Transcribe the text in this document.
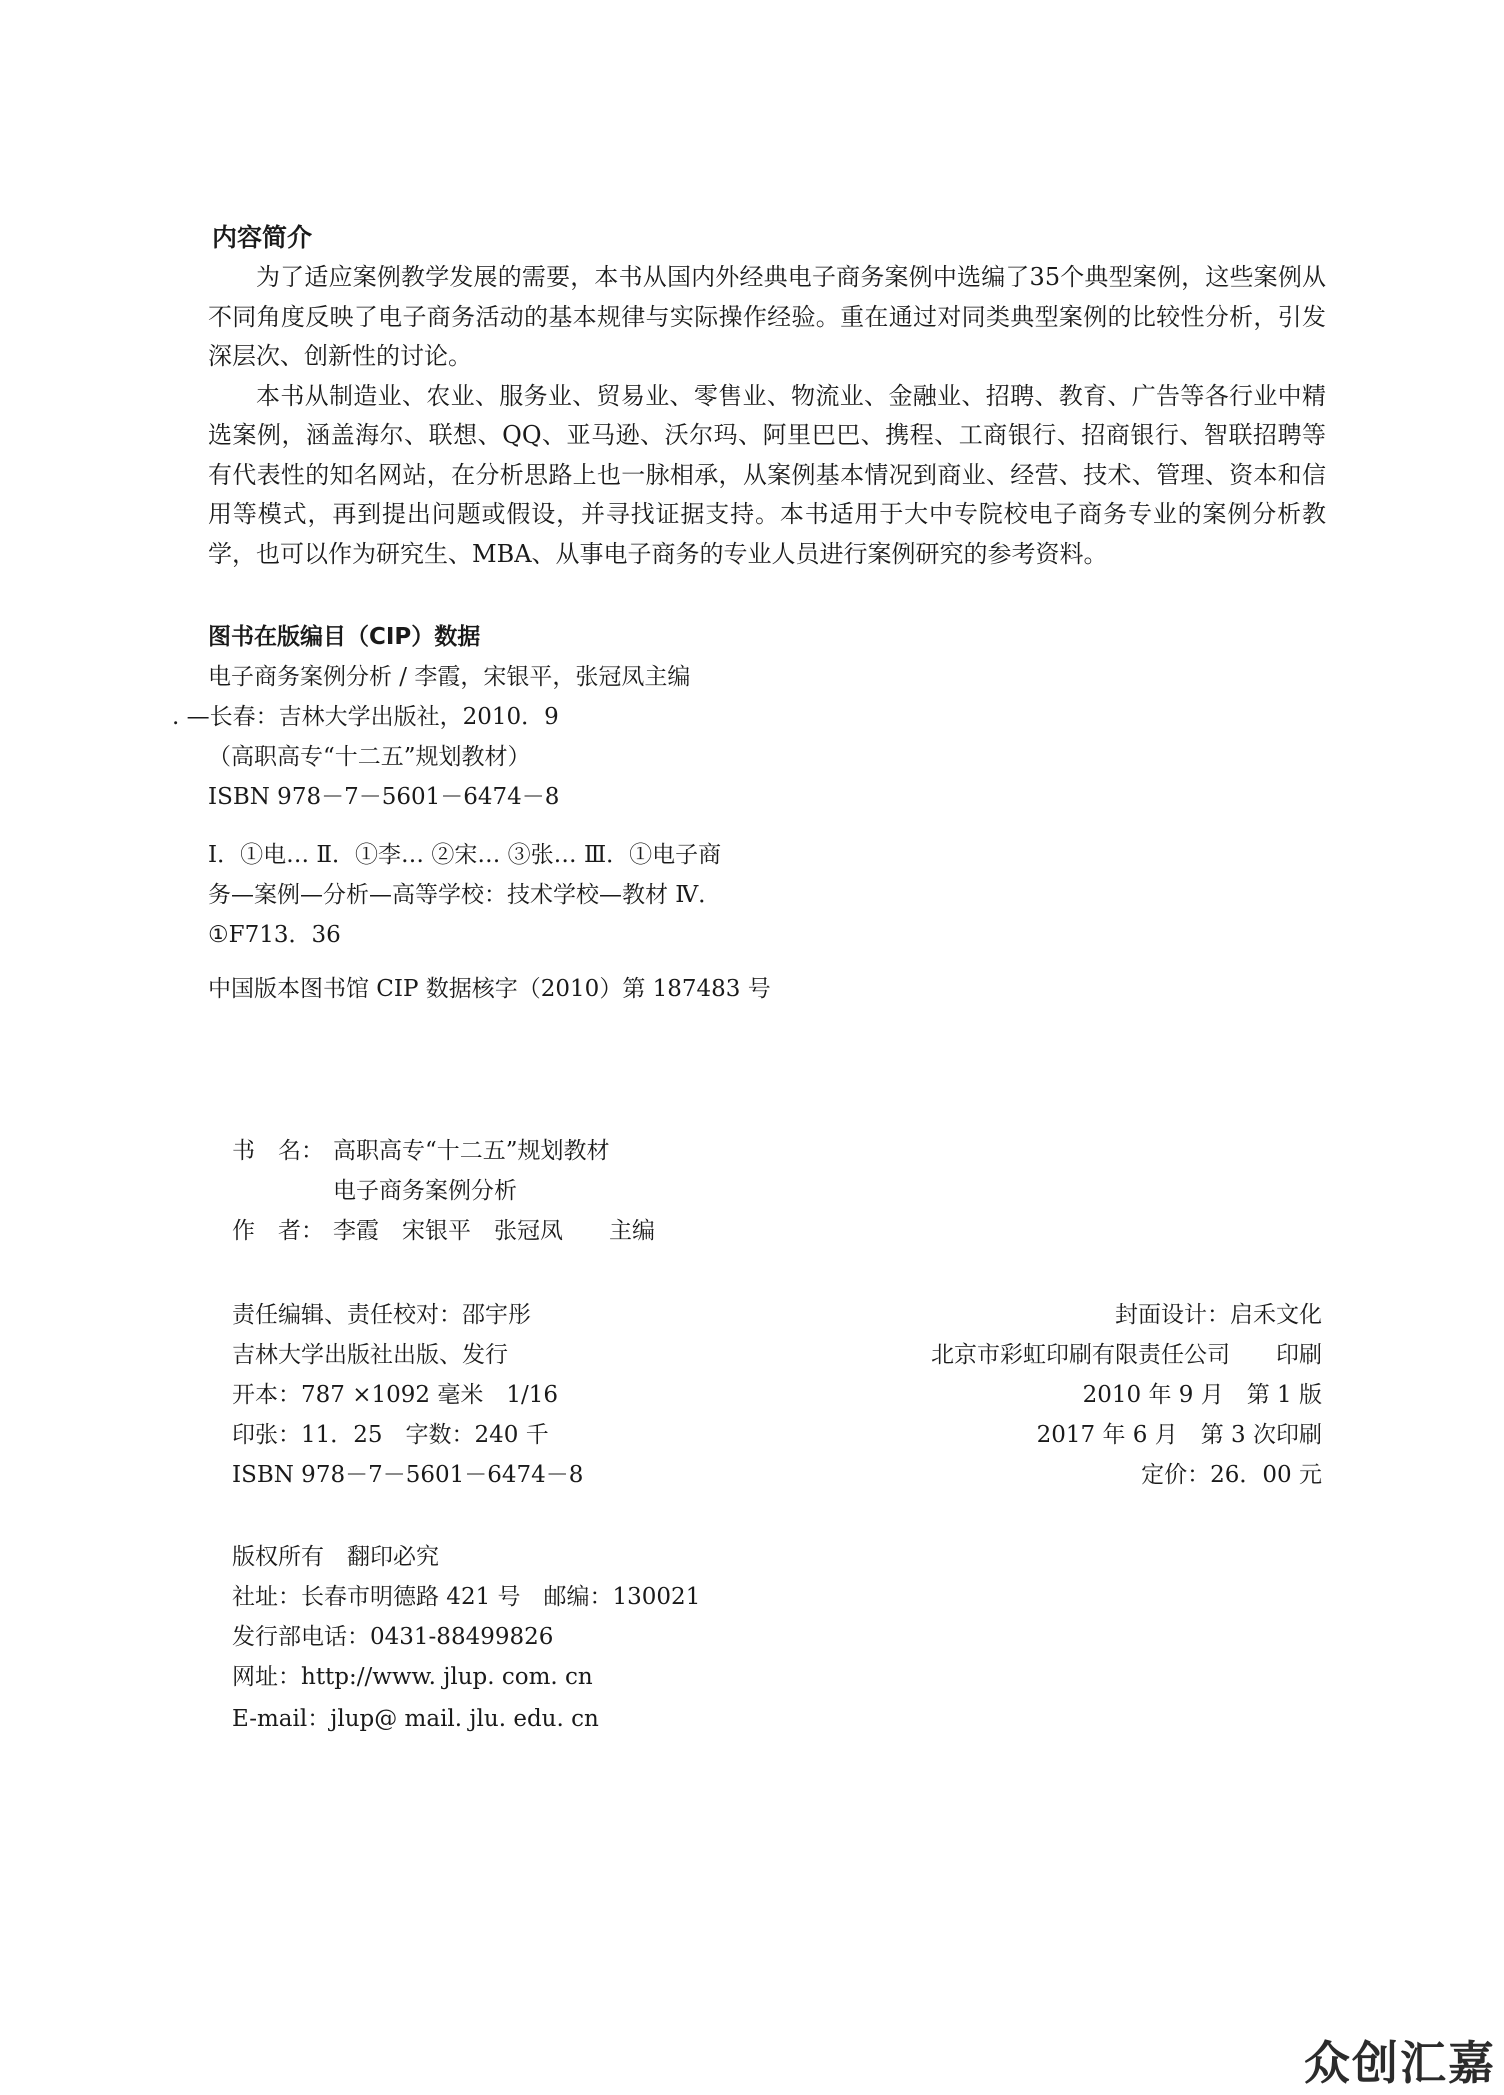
内容简介
为了适应案例教学发展的需要，本书从国内外经典电子商务案例中选编了35个典型案例，这些案例从不同角度反映了电子商务活动的基本规律与实际操作经验。重在通过对同类典型案例的比较性分析，引发深层次、创新性的讨论。
本书从制造业、农业、服务业、贸易业、零售业、物流业、金融业、招聘、教育、广告等各行业中精选案例，涵盖海尔、联想、QQ、亚马逊、沃尔玛、阿里巴巴、携程、工商银行、招商银行、智联招聘等有代表性的知名网站，在分析思路上也一脉相承，从案例基本情况到商业、经营、技术、管理、资本和信用等模式，再到提出问题或假设，并寻找证据支持。本书适用于大中专院校电子商务专业的案例分析教学，也可以作为研究生、MBA、从事电子商务的专业人员进行案例研究的参考资料。
图书在版编目（CIP）数据
电子商务案例分析 / 李霞，宋银平，张冠凤主编
. —长春：吉林大学出版社，2010．9
（高职高专“十二五”规划教材）
ISBN 978－7－5601－6474－8
Ⅰ．①电… Ⅱ．①李… ②宋… ③张… Ⅲ．①电子商
务—案例—分析—高等学校：技术学校—教材 Ⅳ．
①F713．36
中国版本图书馆 CIP 数据核字（2010）第 187483 号
书　名： 高职高专“十二五”规划教材
电子商务案例分析
作　者： 李霞　宋银平　张冠凤　　主编
责任编辑、责任校对：邵宇彤
吉林大学出版社出版、发行
开本：787 ×1092 毫米　1/16
印张：11．25　字数：240 千
ISBN 978－7－5601－6474－8
封面设计：启禾文化
北京市彩虹印刷有限责任公司　　印刷
2010 年 9 月　第 1 版
2017 年 6 月　第 3 次印刷
定价：26．00 元
版权所有　翻印必究
社址：长春市明德路 421 号　邮编：130021
发行部电话：0431-88499826
网址：http://www. jlup. com. cn
E-mail：jlup@ mail. jlu. edu. cn
众创汇嘉
